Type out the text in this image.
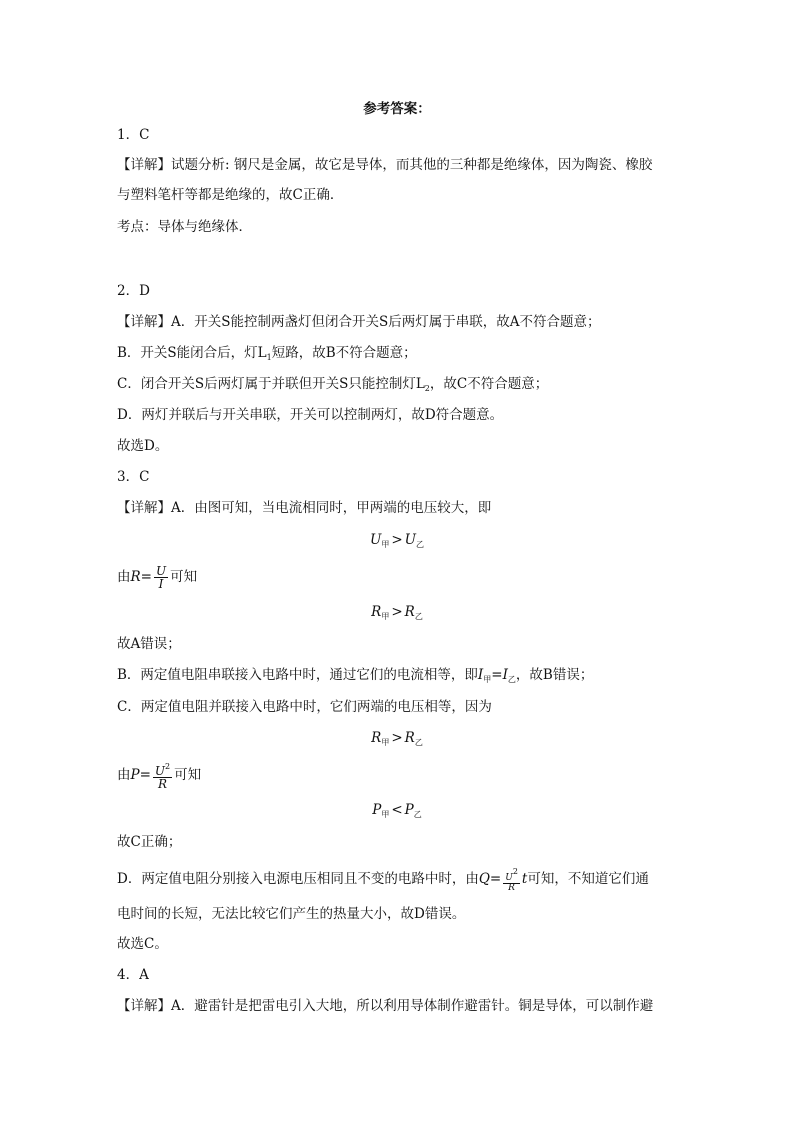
参考答案：
1．C
【详解】试题分析: 钢尺是金属，故它是导体，而其他的三种都是绝缘体，因为陶瓷、橡胶
与塑料笔杆等都是绝缘的，故C正确．
考点：导体与绝缘体．
2．D
【详解】A．开关S能控制两盏灯但闭合开关S后两灯属于串联，故A不符合题意；
B．开关S能闭合后，灯$L_1$短路，故B不符合题意；
C．闭合开关S后两灯属于并联但开关S只能控制灯$L_2$，故C不符合题意；
D．两灯并联后与开关串联，开关可以控制两灯，故D符合题意。
故选D。
3．C
【详解】A．由图可知，当电流相同时，甲两端的电压较大，即
$U_甲 > U_乙$
由$R= \frac{U}{I}$ 可知
$R_甲 > R_乙$
故A错误；
B．两定值电阻串联接入电路中时，通过它们的电流相等，即$I_甲=I_乙$，故B错误；
C．两定值电阻并联接入电路中时，它们两端的电压相等，因为
$R_甲 > R_乙$
由$P= \frac{U^2}{R}$ 可知
$P_甲 < P_乙$
故C正确；
D．两定值电阻分别接入电源电压相同且不变的电路中时，由$Q= \frac{U2}{R}$ t可知，不知道它们通
电时间的长短，无法比较它们产生的热量大小，故D错误。
故选C。
4．A
【详解】A．避雷针是把雷电引入大地，所以利用导体制作避雷针。铜是导体，可以制作避
